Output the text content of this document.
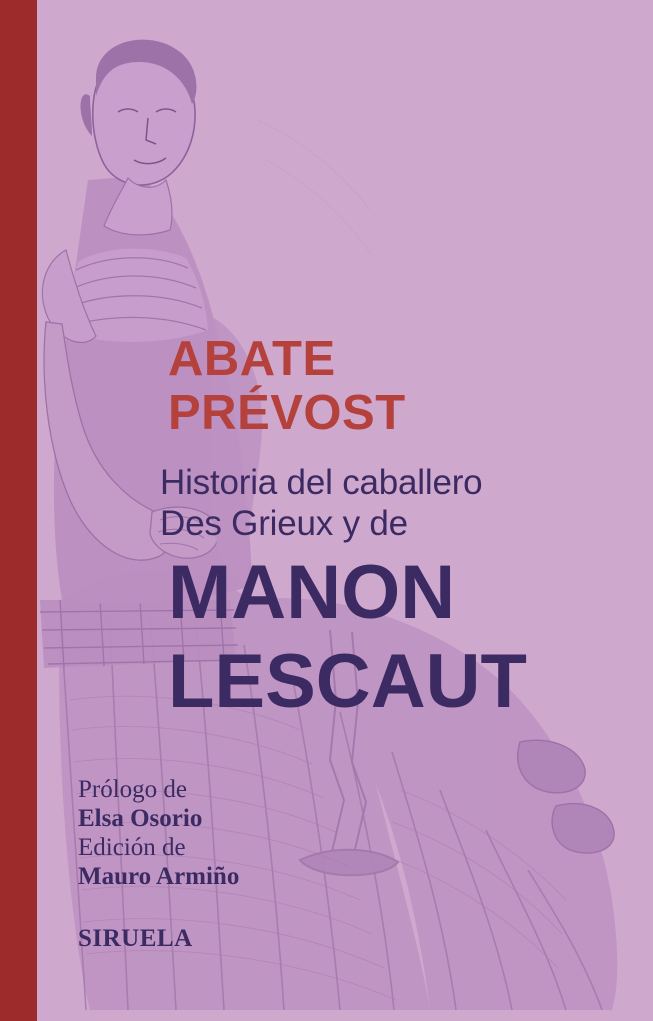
ABATE
PRÉVOST
Historia del caballero
Des Grieux y de
MANON
LESCAUT
Prólogo de
Elsa Osorio
Edición de
Mauro Armiño
SIRUELA
